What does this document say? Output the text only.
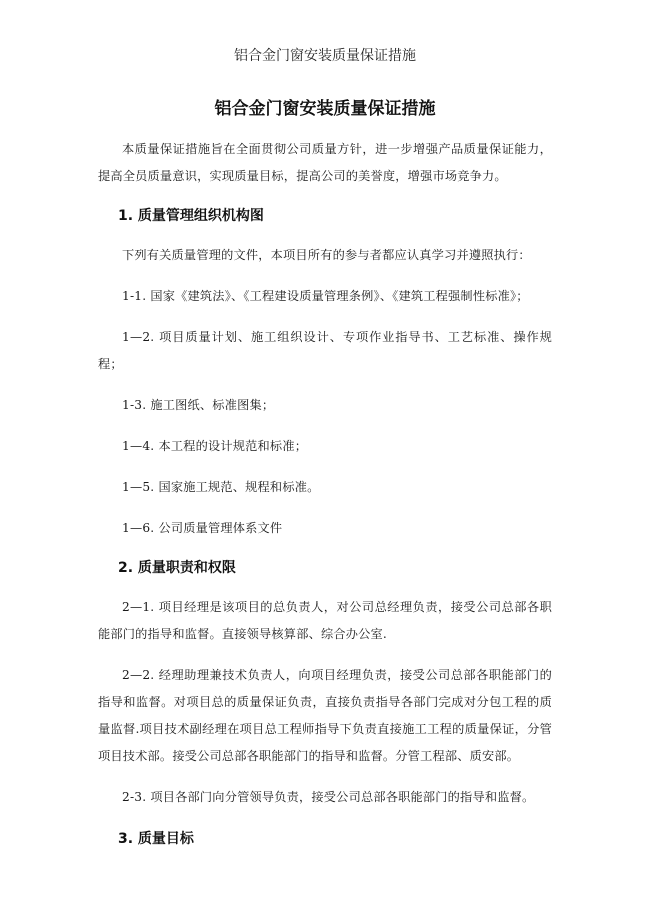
铝合金门窗安装质量保证措施
铝合金门窗安装质量保证措施

本质量保证措施旨在全面贯彻公司质量方针，进一步增强产品质量保证能力，提高全员质量意识，实现质量目标，提高公司的美誉度，增强市场竞争力。

1. 质量管理组织机构图

下列有关质量管理的文件，本项目所有的参与者都应认真学习并遵照执行：

1-1. 国家《建筑法》、《工程建设质量管理条例》、《建筑工程强制性标准》；

1—2. 项目质量计划、施工组织设计、专项作业指导书、工艺标准、操作规程；

1-3. 施工图纸、标准图集；

1—4. 本工程的设计规范和标准；

1—5. 国家施工规范、规程和标准。

1—6. 公司质量管理体系文件

2. 质量职责和权限

2—1. 项目经理是该项目的总负责人，对公司总经理负责，接受公司总部各职能部门的指导和监督。直接领导核算部、综合办公室.

2—2. 经理助理兼技术负责人，向项目经理负责，接受公司总部各职能部门的指导和监督。对项目总的质量保证负责，直接负责指导各部门完成对分包工程的质量监督.项目技术副经理在项目总工程师指导下负责直接施工工程的质量保证，分管项目技术部。接受公司总部各职能部门的指导和监督。分管工程部、质安部。

2-3. 项目各部门向分管领导负责，接受公司总部各职能部门的指导和监督。

3. 质量目标
